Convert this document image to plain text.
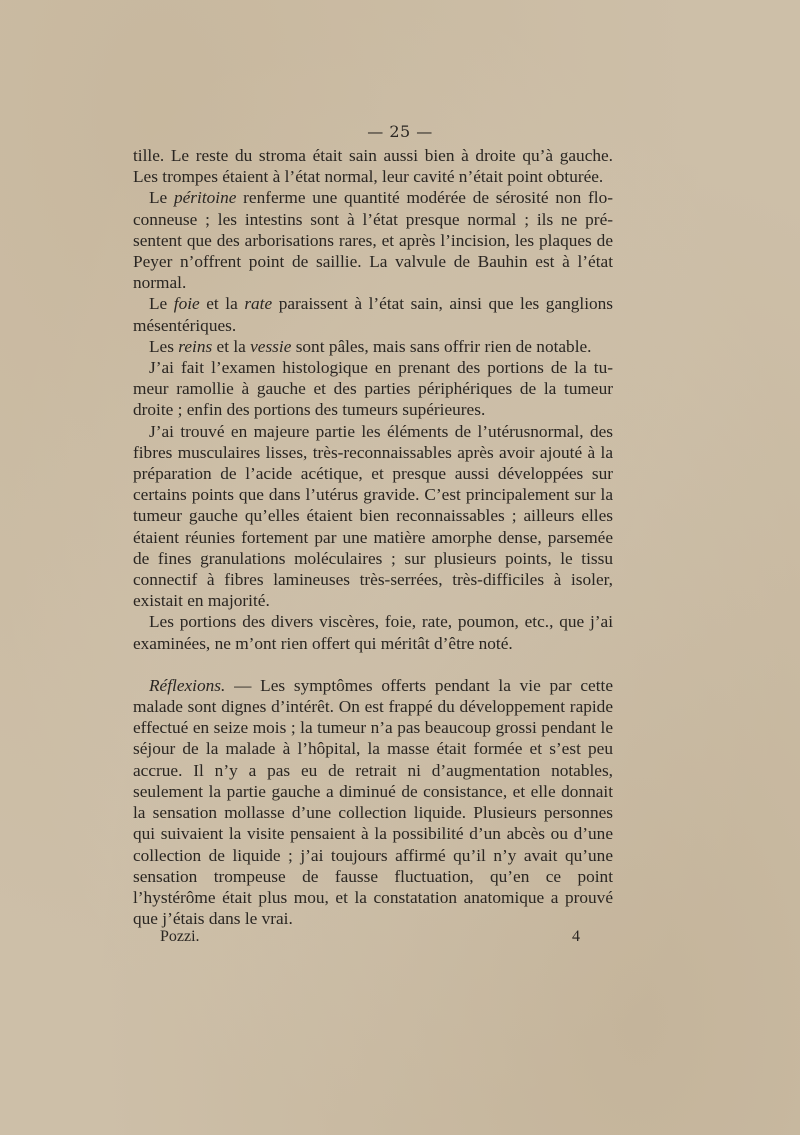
— 25 —

tille. Le reste du stroma était sain aussi bien à droite qu’à gauche. Les trompes étaient à l’état normal, leur cavité n’était point obturée.

Le péritoine renferme une quantité modérée de sérosité non floconneuse ; les intestins sont à l’état presque normal ; ils ne présentent que des arborisations rares, et après l’incision, les plaques de Peyer n’offrent point de saillie. La valvule de Bauhin est à l’état normal.

Le foie et la rate paraissent à l’état sain, ainsi que les ganglions mésentériques.

Les reins et la vessie sont pâles, mais sans offrir rien de notable.

J’ai fait l’examen histologique en prenant des portions de la tumeur ramollie à gauche et des parties périphériques de la tumeur droite ; enfin des portions des tumeurs supérieures.

J’ai trouvé en majeure partie les éléments de l’utérusnormal, des fibres musculaires lisses, très-reconnaissables après avoir ajouté à la préparation de l’acide acétique, et presque aussi développées sur certains points que dans l’utérus gravide. C’est principalement sur la tumeur gauche qu’elles étaient bien reconnaissables ; ailleurs elles étaient réunies fortement par une matière amorphe dense, parsemée de fines granulations moléculaires ; sur plusieurs points, le tissu connectif à fibres lamineuses très-serrées, très-difficiles à isoler, existait en majorité.

Les portions des divers viscères, foie, rate, poumon, etc., que j’ai examinées, ne m’ont rien offert qui méritât d’être noté.

Réflexions. — Les symptômes offerts pendant la vie par cette malade sont dignes d’intérêt. On est frappé du développement rapide effectué en seize mois ; la tumeur n’a pas beaucoup grossi pendant le séjour de la malade à l’hôpital, la masse était formée et s’est peu accrue. Il n’y a pas eu de retrait ni d’augmentation notables, seulement la partie gauche a diminué de consistance, et elle donnait la sensation mollasse d’une collection liquide. Plusieurs personnes qui suivaient la visite pensaient à la possibilité d’un abcès ou d’une collection de liquide ; j’ai toujours affirmé qu’il n’y avait qu’une sensation trompeuse de fausse fluctuation, qu’en ce point l’hystérôme était plus mou, et la constatation anatomique a prouvé que j’étais dans le vrai.

Pozzi.	4
